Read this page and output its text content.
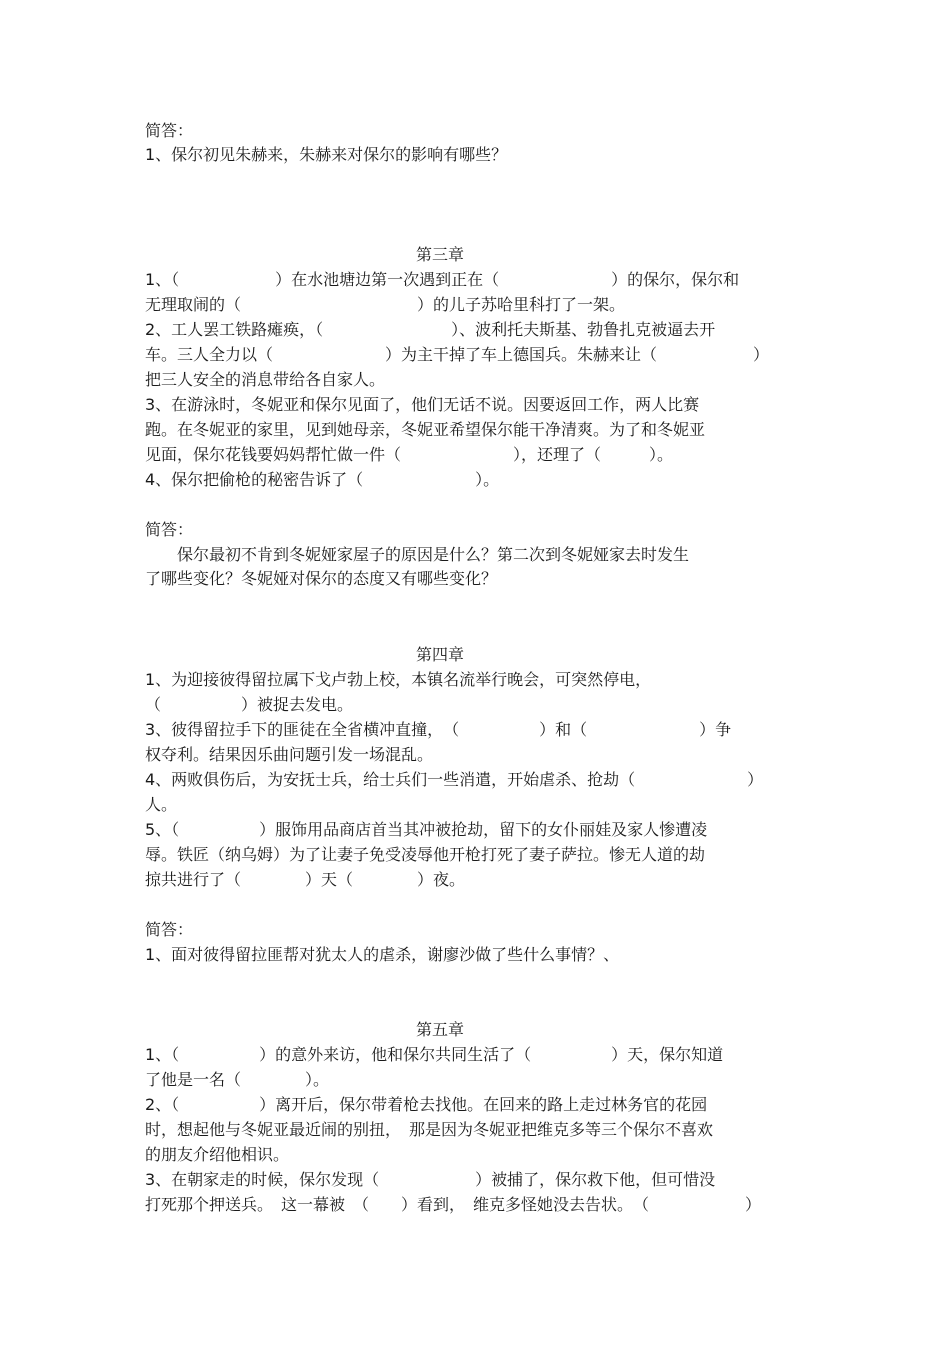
简答：
1、保尔初见朱赫来，朱赫来对保尔的影响有哪些？
第三章
1、（　　　　　　）在水池塘边第一次遇到正在（　　　　　　　）的保尔，保尔和
无理取闹的（　　　　　　　　　　　）的儿子苏哈里科打了一架。
2、工人罢工铁路瘫痪，（　　　　　　　　）、波利托夫斯基、勃鲁扎克被逼去开
车。三人全力以（　　　　　　　）为主干掉了车上德国兵。朱赫来让（　　　　　　）
把三人安全的消息带给各自家人。
3、在游泳时，冬妮亚和保尔见面了，他们无话不说。因要返回工作，两人比赛
跑。在冬妮亚的家里，见到她母亲，冬妮亚希望保尔能干净清爽。为了和冬妮亚
见面，保尔花钱要妈妈帮忙做一件（　　　　　　　），还理了（　　　）。
4、保尔把偷枪的秘密告诉了（　　　　　　　）。
简答：
　　保尔最初不肯到冬妮娅家屋子的原因是什么？第二次到冬妮娅家去时发生
了哪些变化？冬妮娅对保尔的态度又有哪些变化？
第四章
1、为迎接彼得留拉属下戈卢勃上校，本镇名流举行晚会，可突然停电，
（　　　　　）被捉去发电。
3、彼得留拉手下的匪徒在全省横冲直撞，　（　　　　　）和（　　　　　　　）争
权夺利。结果因乐曲问题引发一场混乱。
4、两败俱伤后，为安抚士兵，给士兵们一些消遣，开始虐杀、抢劫（　　　　　　　）
人。
5、（　　　　　）服饰用品商店首当其冲被抢劫，留下的女仆丽娃及家人惨遭凌
辱。铁匠（纳乌姆）为了让妻子免受凌辱他开枪打死了妻子萨拉。惨无人道的劫
掠共进行了（　　　　）天（　　　　）夜。
简答：
1、面对彼得留拉匪帮对犹太人的虐杀，谢廖沙做了些什么事情？、
第五章
1、（　　　　　）的意外来访，他和保尔共同生活了（　　　　　）天，保尔知道
了他是一名（　　　　）。
2、（　　　　　）离开后，保尔带着枪去找他。在回来的路上走过林务官的花园
时，想起他与冬妮亚最近闹的别扭，　那是因为冬妮亚把维克多等三个保尔不喜欢
的朋友介绍他相识。
3、在朝家走的时候，保尔发现（　　　　　　）被捕了，保尔救下他，但可惜没
打死那个押送兵。　这一幕被　（　　）看到，　维克多怪她没去告状。　（　　　　　　）
